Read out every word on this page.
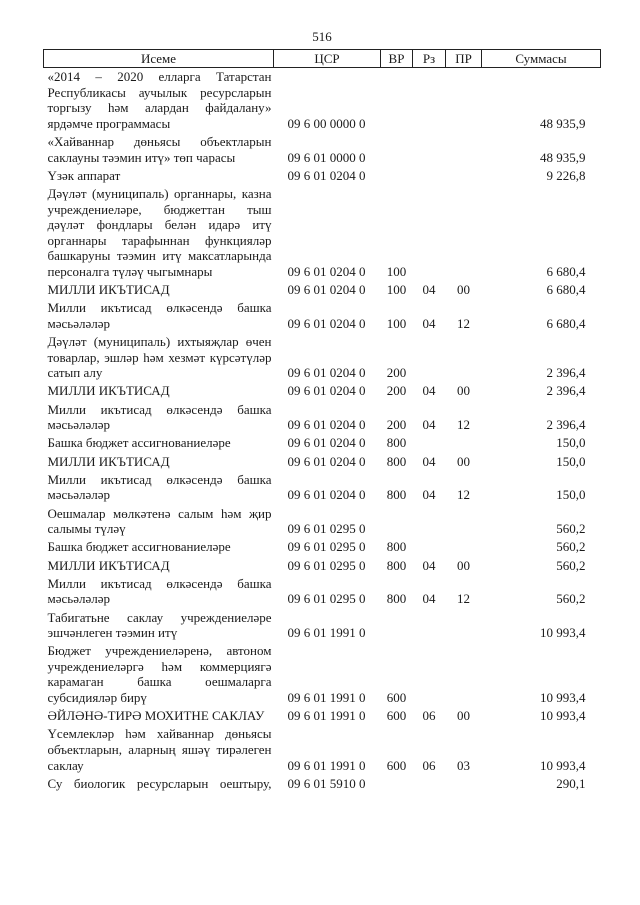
516
Исеме	ЦСР	ВР	Рз	ПР	Суммасы
«2014 – 2020 елларга Татарстан Республикасы аучылык ресурсларын торгызу һәм алардан файдалану» ярдәмче программасы	09 6 00 0000 0				48 935,9
«Хайваннар дөньясы объектларын саклауны тәэмин итү» төп чарасы	09 6 01 0000 0				48 935,9
Үзәк аппарат	09 6 01 0204 0				9 226,8
Дәүләт (муниципаль) органнары, казна учреждениеләре, бюджеттан тыш дәүләт фондлары белән идарә итү органнары тарафыннан функцияләр башкаруны тәэмин итү максатларында персоналга түләү чыгымнары	09 6 01 0204 0	100			6 680,4
МИЛЛИ ИКЪТИСАД	09 6 01 0204 0	100	04	00	6 680,4
Милли икътисад өлкәсендә башка мәсьәләләр	09 6 01 0204 0	100	04	12	6 680,4
Дәүләт (муниципаль) ихтыяҗлар өчен товарлар, эшләр һәм хезмәт күрсәтүләр сатып алу	09 6 01 0204 0	200			2 396,4
МИЛЛИ ИКЪТИСАД	09 6 01 0204 0	200	04	00	2 396,4
Милли икътисад өлкәсендә башка мәсьәләләр	09 6 01 0204 0	200	04	12	2 396,4
Башка бюджет ассигнованиеләре	09 6 01 0204 0	800			150,0
МИЛЛИ ИКЪТИСАД	09 6 01 0204 0	800	04	00	150,0
Милли икътисад өлкәсендә башка мәсьәләләр	09 6 01 0204 0	800	04	12	150,0
Оешмалар мөлкәтенә салым һәм җир салымы түләү	09 6 01 0295 0				560,2
Башка бюджет ассигнованиеләре	09 6 01 0295 0	800			560,2
МИЛЛИ ИКЪТИСАД	09 6 01 0295 0	800	04	00	560,2
Милли икътисад өлкәсендә башка мәсьәләләр	09 6 01 0295 0	800	04	12	560,2
Табигатьне саклау учреждениеләре эшчәнлеген тәэмин итү	09 6 01 1991 0				10 993,4
Бюджет учреждениеләренә, автоном учреждениеләргә һәм коммерциягә карамаган башка оешмаларга субсидияләр бирү	09 6 01 1991 0	600			10 993,4
ӘЙЛӘНӘ-ТИРӘ МОХИТНЕ САКЛАУ	09 6 01 1991 0	600	06	00	10 993,4
Үсемлекләр һәм хайваннар дөньясы объектларын, аларның яшәү тирәлеген саклау	09 6 01 1991 0	600	06	03	10 993,4
Су биологик ресурсларын оештыру,	09 6 01 5910 0				290,1
